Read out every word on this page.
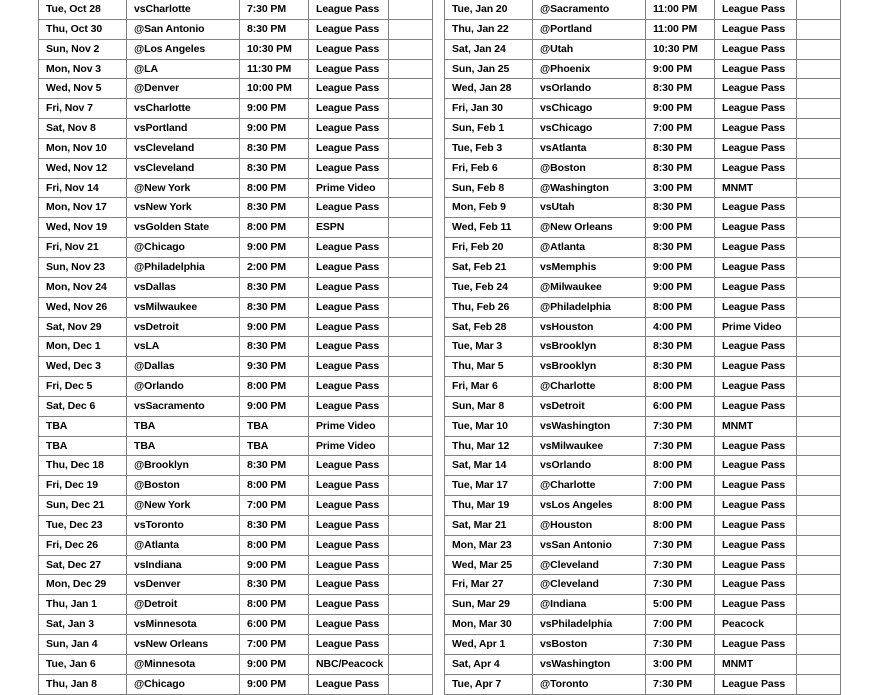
Tue, Oct 28	vsCharlotte	7:30 PM	League Pass	
Thu, Oct 30	@San Antonio	8:30 PM	League Pass	
Sun, Nov 2	@Los Angeles	10:30 PM	League Pass	
Mon, Nov 3	@LA	11:30 PM	League Pass	
Wed, Nov 5	@Denver	10:00 PM	League Pass	
Fri, Nov 7	vsCharlotte	9:00 PM	League Pass	
Sat, Nov 8	vsPortland	9:00 PM	League Pass	
Mon, Nov 10	vsCleveland	8:30 PM	League Pass	
Wed, Nov 12	vsCleveland	8:30 PM	League Pass	
Fri, Nov 14	@New York	8:00 PM	Prime Video	
Mon, Nov 17	vsNew York	8:30 PM	League Pass	
Wed, Nov 19	vsGolden State	8:00 PM	ESPN	
Fri, Nov 21	@Chicago	9:00 PM	League Pass	
Sun, Nov 23	@Philadelphia	2:00 PM	League Pass	
Mon, Nov 24	vsDallas	8:30 PM	League Pass	
Wed, Nov 26	vsMilwaukee	8:30 PM	League Pass	
Sat, Nov 29	vsDetroit	9:00 PM	League Pass	
Mon, Dec 1	vsLA	8:30 PM	League Pass	
Wed, Dec 3	@Dallas	9:30 PM	League Pass	
Fri, Dec 5	@Orlando	8:00 PM	League Pass	
Sat, Dec 6	vsSacramento	9:00 PM	League Pass	
TBA	TBA	TBA	Prime Video	
TBA	TBA	TBA	Prime Video	
Thu, Dec 18	@Brooklyn	8:30 PM	League Pass	
Fri, Dec 19	@Boston	8:00 PM	League Pass	
Sun, Dec 21	@New York	7:00 PM	League Pass	
Tue, Dec 23	vsToronto	8:30 PM	League Pass	
Fri, Dec 26	@Atlanta	8:00 PM	League Pass	
Sat, Dec 27	vsIndiana	9:00 PM	League Pass	
Mon, Dec 29	vsDenver	8:30 PM	League Pass	
Thu, Jan 1	@Detroit	8:00 PM	League Pass	
Sat, Jan 3	vsMinnesota	6:00 PM	League Pass	
Sun, Jan 4	vsNew Orleans	7:00 PM	League Pass	
Tue, Jan 6	@Minnesota	9:00 PM	NBC/Peacock	
Thu, Jan 8	@Chicago	9:00 PM	League Pass	
Tue, Jan 20	@Sacramento	11:00 PM	League Pass	
Thu, Jan 22	@Portland	11:00 PM	League Pass	
Sat, Jan 24	@Utah	10:30 PM	League Pass	
Sun, Jan 25	@Phoenix	9:00 PM	League Pass	
Wed, Jan 28	vsOrlando	8:30 PM	League Pass	
Fri, Jan 30	vsChicago	9:00 PM	League Pass	
Sun, Feb 1	vsChicago	7:00 PM	League Pass	
Tue, Feb 3	vsAtlanta	8:30 PM	League Pass	
Fri, Feb 6	@Boston	8:30 PM	League Pass	
Sun, Feb 8	@Washington	3:00 PM	MNMT	
Mon, Feb 9	vsUtah	8:30 PM	League Pass	
Wed, Feb 11	@New Orleans	9:00 PM	League Pass	
Fri, Feb 20	@Atlanta	8:30 PM	League Pass	
Sat, Feb 21	vsMemphis	9:00 PM	League Pass	
Tue, Feb 24	@Milwaukee	9:00 PM	League Pass	
Thu, Feb 26	@Philadelphia	8:00 PM	League Pass	
Sat, Feb 28	vsHouston	4:00 PM	Prime Video	
Tue, Mar 3	vsBrooklyn	8:30 PM	League Pass	
Thu, Mar 5	vsBrooklyn	8:30 PM	League Pass	
Fri, Mar 6	@Charlotte	8:00 PM	League Pass	
Sun, Mar 8	vsDetroit	6:00 PM	League Pass	
Tue, Mar 10	vsWashington	7:30 PM	MNMT	
Thu, Mar 12	vsMilwaukee	7:30 PM	League Pass	
Sat, Mar 14	vsOrlando	8:00 PM	League Pass	
Tue, Mar 17	@Charlotte	7:00 PM	League Pass	
Thu, Mar 19	vsLos Angeles	8:00 PM	League Pass	
Sat, Mar 21	@Houston	8:00 PM	League Pass	
Mon, Mar 23	vsSan Antonio	7:30 PM	League Pass	
Wed, Mar 25	@Cleveland	7:30 PM	League Pass	
Fri, Mar 27	@Cleveland	7:30 PM	League Pass	
Sun, Mar 29	@Indiana	5:00 PM	League Pass	
Mon, Mar 30	vsPhiladelphia	7:00 PM	Peacock	
Wed, Apr 1	vsBoston	7:30 PM	League Pass	
Sat, Apr 4	vsWashington	3:00 PM	MNMT	
Tue, Apr 7	@Toronto	7:30 PM	League Pass	
